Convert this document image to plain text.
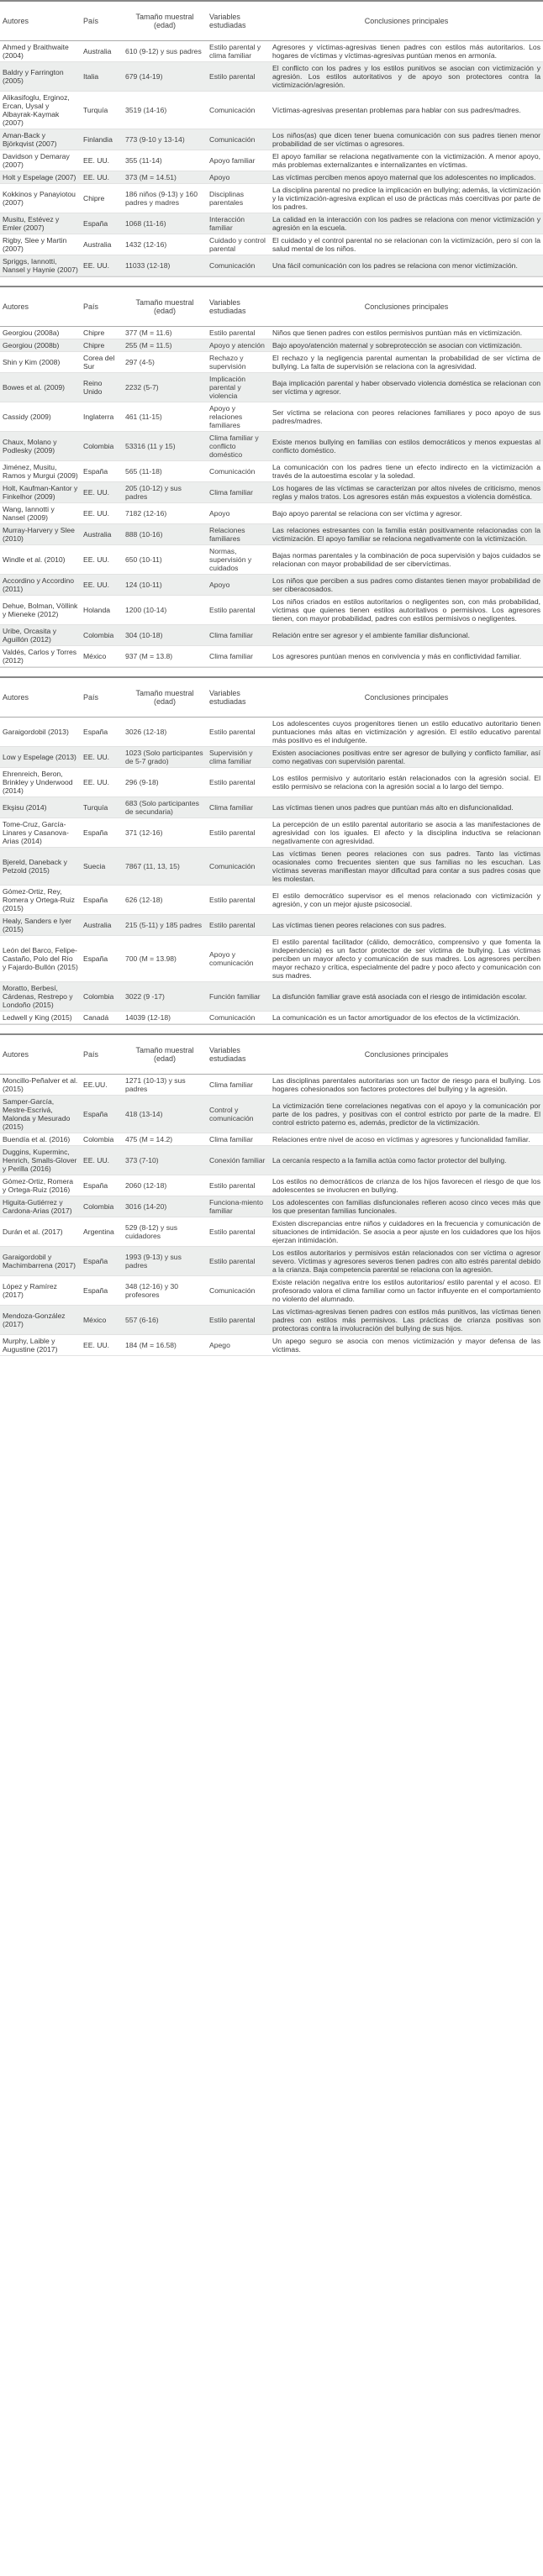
Autores	País	Tamaño muestral (edad)	Variables estudiadas	Conclusiones principales
Ahmed y Braithwaite (2004)	Australia	610 (9-12) y sus padres	Estilo parental y clima familiar	Agresores y víctimas-agresivas tienen padres con estilos más autoritarios. Los hogares de víctimas y víctimas-agresivas puntúan menos en armonía.
Baldry y Farrington (2005)	Italia	679 (14-19)	Estilo parental	El conflicto con los padres y los estilos punitivos se asocian con victimización y agresión. Los estilos autoritativos y de apoyo son protectores contra la victimización/agresión.
Alikasifoglu, Erginoz, Ercan, Uysal y Albayrak-Kaymak (2007)	Turquía	3519 (14-16)	Comunicación	Víctimas-agresivas presentan problemas para hablar con sus padres/madres.
Aman-Back y Björkqvist (2007)	Finlandia	773 (9-10 y 13-14)	Comunicación	Los niños(as) que dicen tener buena comunicación con sus padres tienen menor probabilidad de ser víctimas o agresores.
Davidson y Demaray (2007)	EE. UU.	355 (11-14)	Apoyo familiar	El apoyo familiar se relaciona negativamente con la victimización. A menor apoyo, más problemas externalizantes e internalizantes en víctimas.
Holt y Espelage (2007)	EE. UU.	373 (M = 14.51)	Apoyo	Las víctimas perciben menos apoyo maternal que los adolescentes no implicados.
Kokkinos y Panayiotou (2007)	Chipre	186 niños (9-13) y 160 padres y madres	Disciplinas parentales	La disciplina parental no predice la implicación en bullying; además, la victimización y la victimización-agresiva explican el uso de prácticas más coercitivas por parte de los padres.
Musitu, Estévez y Emler (2007)	España	1068 (11-16)	Interacción familiar	La calidad en la interacción con los padres se relaciona con menor victimización y agresión en la escuela.
Rigby, Slee y Martin (2007)	Australia	1432 (12-16)	Cuidado y control parental	El cuidado y el control parental no se relacionan con la victimización, pero sí con la salud mental de los niños.
Spriggs, Iannotti, Nansel y Haynie (2007)	EE. UU.	11033 (12-18)	Comunicación	Una fácil comunicación con los padres se relaciona con menor victimización.
Autores	País	Tamaño muestral (edad)	Variables estudiadas	Conclusiones principales
Georgiou (2008a)	Chipre	377 (M = 11.6)	Estilo parental	Niños que tienen padres con estilos permisivos puntúan más en victimización.
Georgiou (2008b)	Chipre	255 (M = 11.5)	Apoyo y atención	Bajo apoyo/atención maternal y sobreprotección se asocian con victimización.
Shin y Kim (2008)	Corea del Sur	297 (4-5)	Rechazo y supervisión	El rechazo y la negligencia parental aumentan la probabilidad de ser víctima de bullying. La falta de supervisión se relaciona con la agresividad.
Bowes et al. (2009)	Reino Unido	2232 (5-7)	Implicación parental y violencia	Baja implicación parental y haber observado violencia doméstica se relacionan con ser víctima y agresor.
Cassidy (2009)	Inglaterra	461 (11-15)	Apoyo y relaciones familiares	Ser víctima se relaciona con peores relaciones familiares y poco apoyo de sus padres/madres.
Chaux, Molano y Podlesky (2009)	Colombia	53316 (11 y 15)	Clima familiar y conflicto doméstico	Existe menos bullying en familias con estilos democráticos y menos expuestas al conflicto doméstico.
Jiménez, Musitu, Ramos y Murgui (2009)	España	565 (11-18)	Comunicación	La comunicación con los padres tiene un efecto indirecto en la victimización a través de la autoestima escolar y la soledad.
Holt, Kaufman-Kantor y Finkelhor (2009)	EE. UU.	205 (10-12) y sus padres	Clima familiar	Los hogares de las víctimas se caracterizan por altos niveles de criticismo, menos reglas y malos tratos. Los agresores están más expuestos a violencia doméstica.
Wang, Iannotti y Nansel (2009)	EE. UU.	7182 (12-16)	Apoyo	Bajo apoyo parental se relaciona con ser víctima y agresor.
Murray-Harvery y Slee (2010)	Australia	888 (10-16)	Relaciones familiares	Las relaciones estresantes con la familia están positivamente relacionadas con la victimización. El apoyo familiar se relaciona negativamente con la victimización.
Windle et al. (2010)	EE. UU.	650 (10-11)	Normas, supervisión y cuidados	Bajas normas parentales y la combinación de poca supervisión y bajos cuidados se relacionan con mayor probabilidad de ser cibervíctimas.
Accordino y Accordino (2011)	EE. UU.	124 (10-11)	Apoyo	Los niños que perciben a sus padres como distantes tienen mayor probabilidad de ser ciberacosados.
Dehue, Bolman, Völlink y Mieneke (2012)	Holanda	1200 (10-14)	Estilo parental	Los niños criados en estilos autoritarios o negligentes son, con más probabilidad, víctimas que quienes tienen estilos autoritativos o permisivos. Los agresores tienen, con mayor probabilidad, padres con estilos permisivos o negligentes.
Uribe, Orcasita y Aguillón (2012)	Colombia	304 (10-18)	Clima familiar	Relación entre ser agresor y el ambiente familiar disfuncional.
Valdés, Carlos y Torres (2012)	México	937 (M = 13.8)	Clima familiar	Los agresores puntúan menos en convivencia y más en conflictividad familiar.
Autores	País	Tamaño muestral (edad)	Variables estudiadas	Conclusiones principales
Garaigordobil (2013)	España	3026 (12-18)	Estilo parental	Los adolescentes cuyos progenitores tienen un estilo educativo autoritario tienen puntuaciones más altas en victimización y agresión. El estilo educativo parental más positivo es el indulgente.
Low y Espelage (2013)	EE. UU.	1023 (Solo participantes de 5-7 grado)	Supervisión y clima familiar	Existen asociaciones positivas entre ser agresor de bullying y conflicto familiar, así como negativas con supervisión parental.
Ehrenreich, Beron, Brinkley y Underwood (2014)	EE. UU.	296 (9-18)	Estilo parental	Los estilos permisivo y autoritario están relacionados con la agresión social. El estilo permisivo se relaciona con la agresión social a lo largo del tiempo.
Ekşisu (2014)	Turquía	683 (Solo participantes de secundaria)	Clima familiar	Las víctimas tienen unos padres que puntúan más alto en disfuncionalidad.
Tome-Cruz, García-Linares y Casanova-Arias (2014)	España	371 (12-16)	Estilo parental	La percepción de un estilo parental autoritario se asocia a las manifestaciones de agresividad con los iguales. El afecto y la disciplina inductiva se relacionan negativamente con agresividad.
Bjereld, Daneback y Petzold (2015)	Suecia	7867 (11, 13, 15)	Comunicación	Las víctimas tienen peores relaciones con sus padres. Tanto las víctimas ocasionales como frecuentes sienten que sus familias no les escuchan. Las víctimas severas manifiestan mayor dificultad para contar a sus padres cosas que les molestan.
Gómez-Ortiz, Rey, Romera y Ortega-Ruiz (2015)	España	626 (12-18)	Estilo parental	El estilo democrático supervisor es el menos relacionado con victimización y agresión, y con un mejor ajuste psicosocial.
Healy, Sanders e Iyer (2015)	Australia	215 (5-11) y 185 padres	Estilo parental	Las víctimas tienen peores relaciones con sus padres.
León del Barco, Felipe-Castaño, Polo del Río y Fajardo-Bullón (2015)	España	700 (M = 13.98)	Apoyo y comunicación	El estilo parental facilitador (cálido, democrático, comprensivo y que fomenta la independencia) es un factor protector de ser víctima de bullying. Las víctimas perciben un mayor afecto y comunicación de sus madres. Los agresores perciben mayor rechazo y crítica, especialmente del padre y poco afecto y comunicación con sus madres.
Moratto, Berbesí, Cárdenas, Restrepo y Londoño (2015)	Colombia	3022 (9 -17)	Función familiar	La disfunción familiar grave está asociada con el riesgo de intimidación escolar.
Ledwell y King (2015)	Canadá	14039 (12-18)	Comunicación	La comunicación es un factor amortiguador de los efectos de la victimización.
Autores	País	Tamaño muestral (edad)	Variables estudiadas	Conclusiones principales
Moncillo-Peñalver et al. (2015)	EE.UU.	1271 (10-13) y sus padres	Clima familiar	Las disciplinas parentales autoritarias son un factor de riesgo para el bullying. Los hogares cohesionados son factores protectores del bullying y la agresión.
Samper-García, Mestre-Escrivá, Malonda y Mesurado (2015)	España	418 (13-14)	Control y comunicación	La victimización tiene correlaciones negativas con el apoyo y la comunicación por parte de los padres, y positivas con el control estricto por parte de la madre. El control estricto paterno es, además, predictor de la victimización.
Buendía et al. (2016)	Colombia	475 (M = 14.2)	Clima familiar	Relaciones entre nivel de acoso en víctimas y agresores y funcionalidad familiar.
Duggins, Kuperminc, Henrich, Smalls-Glover y Perilla (2016)	EE. UU.	373 (7-10)	Conexión familiar	La cercanía respecto a la familia actúa como factor protector del bullying.
Gómez-Ortiz, Romera y Ortega-Ruiz (2016)	España	2060 (12-18)	Estilo parental	Los estilos no democráticos de crianza de los hijos favorecen el riesgo de que los adolescentes se involucren en bullying.
Higuita-Gutiérrez y Cardona-Arias (2017)	Colombia	3016 (14-20)	Funciona-miento familiar	Los adolescentes con familias disfuncionales refieren acoso cinco veces más que los que presentan familias funcionales.
Durán et al. (2017)	Argentina	529 (8-12) y sus cuidadores	Estilo parental	Existen discrepancias entre niños y cuidadores en la frecuencia y comunicación de situaciones de intimidación. Se asocia a peor ajuste en los cuidadores que los hijos ejerzan intimidación.
Garaigordobil y Machimbarrena (2017)	España	1993 (9-13) y sus padres	Estilo parental	Los estilos autoritarios y permisivos están relacionados con ser víctima o agresor severo. Víctimas y agresores severos tienen padres con alto estrés parental debido a la crianza. Baja competencia parental se relaciona con la agresión.
López y Ramírez (2017)	España	348 (12-16) y 30 profesores	Comunicación	Existe relación negativa entre los estilos autoritarios/ estilo parental y el acoso. El profesorado valora el clima familiar como un factor influyente en el comportamiento no violento del alumnado.
Mendoza-González (2017)	México	557 (6-16)	Estilo parental	Las víctimas-agresivas tienen padres con estilos más punitivos, las víctimas tienen padres con estilos más permisivos. Las prácticas de crianza positivas son protectoras contra la involucración del bullying de sus hijos.
Murphy, Laible y Augustine (2017)	EE. UU.	184 (M = 16.58)	Apego	Un apego seguro se asocia con menos victimización y mayor defensa de las víctimas.
